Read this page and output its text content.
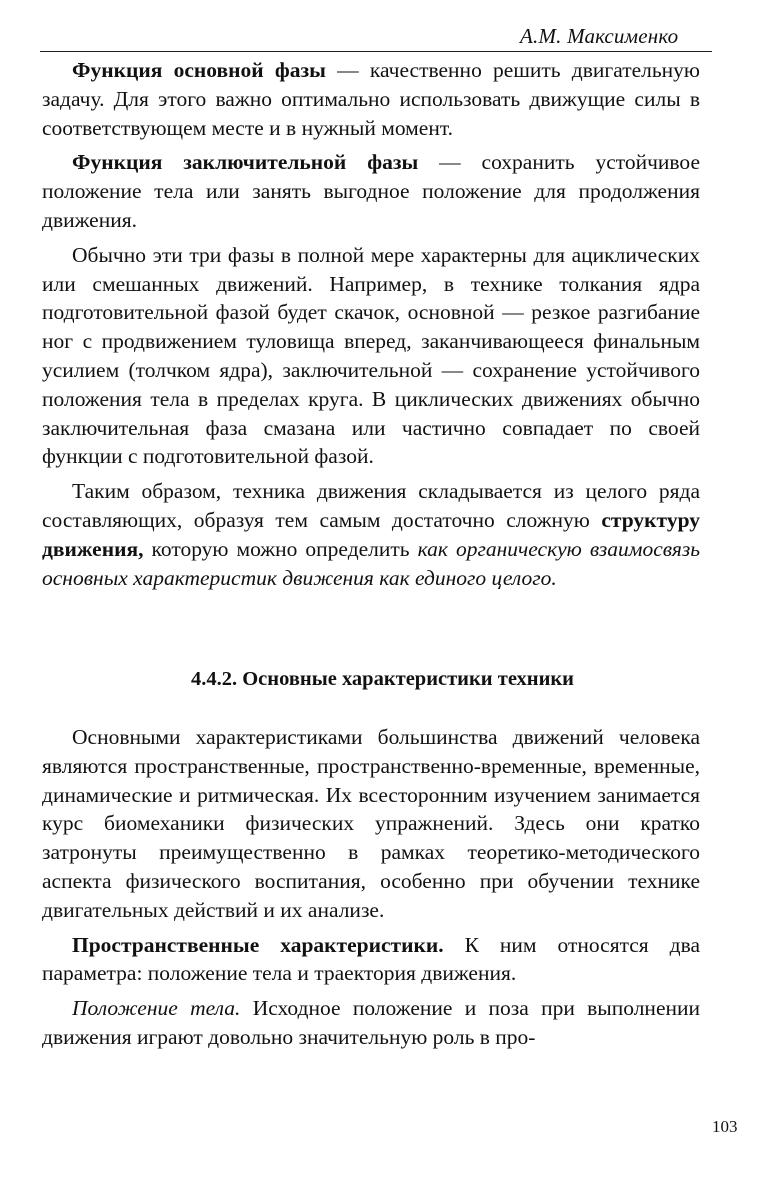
А.М. Максименко

Функция основной фазы — качественно решить двигательную задачу. Для этого важно оптимально использовать движущие силы в соответствующем месте и в нужный момент.

Функция заключительной фазы — сохранить устойчивое положение тела или занять выгодное положение для продолжения движения.

Обычно эти три фазы в полной мере характерны для ациклических или смешанных движений. Например, в технике толкания ядра подготовительной фазой будет скачок, основной — резкое разгибание ног с продвижением туловища вперед, заканчивающееся финальным усилием (толчком ядра), заключительной — сохранение устойчивого положения тела в пределах круга. В циклических движениях обычно заключительная фаза смазана или частично совпадает по своей функции с подготовительной фазой.

Таким образом, техника движения складывается из целого ряда составляющих, образуя тем самым достаточно сложную структуру движения, которую можно определить как органическую взаимосвязь основных характеристик движения как единого целого.

4.4.2. Основные характеристики техники

Основными характеристиками большинства движений человека являются пространственные, пространственно-временные, временные, динамические и ритмическая. Их всесторонним изучением занимается курс биомеханики физических упражнений. Здесь они кратко затронуты преимущественно в рамках теоретико-методического аспекта физического воспитания, особенно при обучении технике двигательных действий и их анализе.

Пространственные характеристики. К ним относятся два параметра: положение тела и траектория движения.

Положение тела. Исходное положение и поза при выполнении движения играют довольно значительную роль в про-

103
